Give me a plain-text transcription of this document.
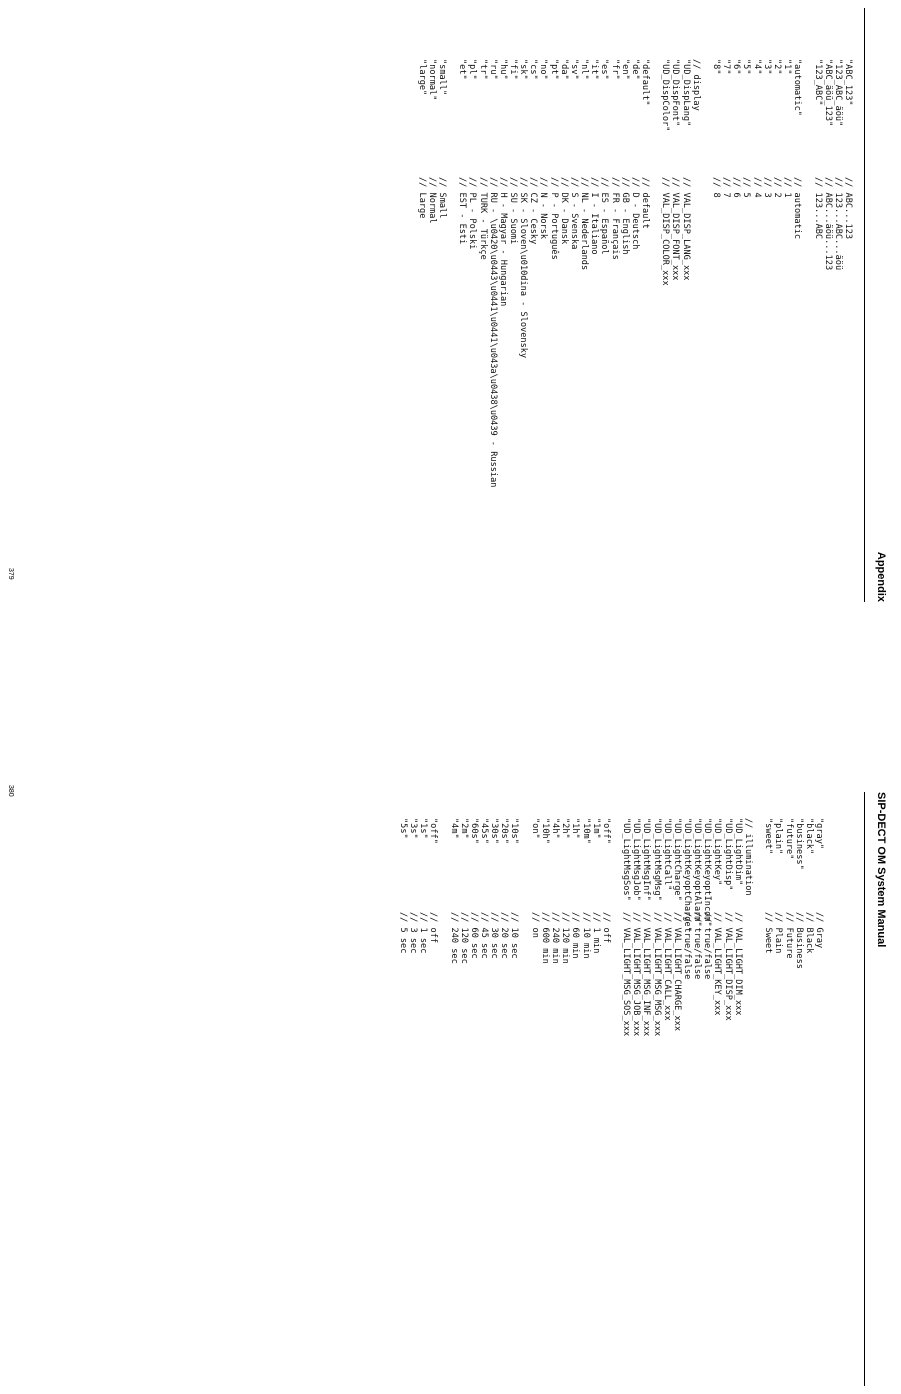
Appendix
SIP-DECT OM System Manual
"ABC_123"
// ABC...123
"123_ABC_äöü"
// 123...ABC...äöü
"ABC_äöü_123"
// ABC...äöü...123
"123_ABC"
// 123...ABC
"automatic"
// automatic
"1"
// 1
"2"
// 2
"3"
// 3
"4"
// 4
"5"
// 5
"6"
// 6
"7"
// 7
"8"
// 8
// display
"UD_DispLang"
// VAL_DISP_LANG_xxx
"UD_DispFont"
// VAL_DISP_FONT_xxx
"UD_DispColor"
// VAL_DISP_COLOR_xxx
"default"
// default
"de"
// D - Deutsch
"en"
// GB - English
"fr"
// FR - Français
"es"
// ES - Español
"it"
// I - Italiano
"nl"
// NL - Nederlands
"sv"
// S - Svenska
"da"
// DK - Dansk
"pt"
// P - Português
"no"
// N - Norsk
"cs"
// CZ - Cesky
"sk"
// SK - Sloven\u010dina - Slovensky
"fi"
// SU - Suomi
"hu"
// H - Magyar - Hungarian
"ru"
// RU - \u0420\u0443\u0441\u0441\u043a\u0438\u0439 - Russian
"tr"
// TURK - Türkçe
"pl"
// PL - Polski
"et"
// EST - Esti
"small"
// Small
"normal"
// Normal
"large"
// Large
"gray"
// Gray
"black"
// Black
"business"
// Business
"future"
// Future
"plain"
// Plain
"sweet"
// Sweet
// illumination
"UD_LightDim"
// VAL_LIGHT_DIM_xxx
"UD_LightDisp"
// VAL_LIGHT_DISP_xxx
"UD_LightKey"
// VAL_LIGHT_KEY_xxx
"UD_LightKeyoptIncom"
// true/false
"UD_LightKeyoptAlarm"
// true/false
"UD_LightKeyoptCharge"
// true/false
"UD_LightCharge"
// VAL_LIGHT_CHARGE_xxx
"UD_LightCall"
// VAL_LIGHT_CALL_xxx
"UD_LightMsgMsg"
// VAL_LIGHT_MSG_MSG_xxx
"UD_LightMsgInf"
// VAL_LIGHT_MSG_INF_xxx
"UD_LightMsgJob"
// VAL_LIGHT_MSG_JOB_xxx
"UD_LightMsgSos"
// VAL_LIGHT_MSG_SOS_xxx
"off"
// off
"1m"
// 1 min
"10m"
// 10 min
"1h"
// 60 min
"2h"
// 120 min
"4h"
// 240 min
"10h"
// 600 min
"on"
// on
"10s"
// 10 sec
"20s"
// 20 sec
"30s"
// 30 sec
"45s"
// 45 sec
"60s"
// 60 sec
"2m"
// 120 sec
"4m"
// 240 sec
"off"
// off
"1s"
// 1 sec
"3s"
// 3 sec
"5s"
// 5 sec
379
380
